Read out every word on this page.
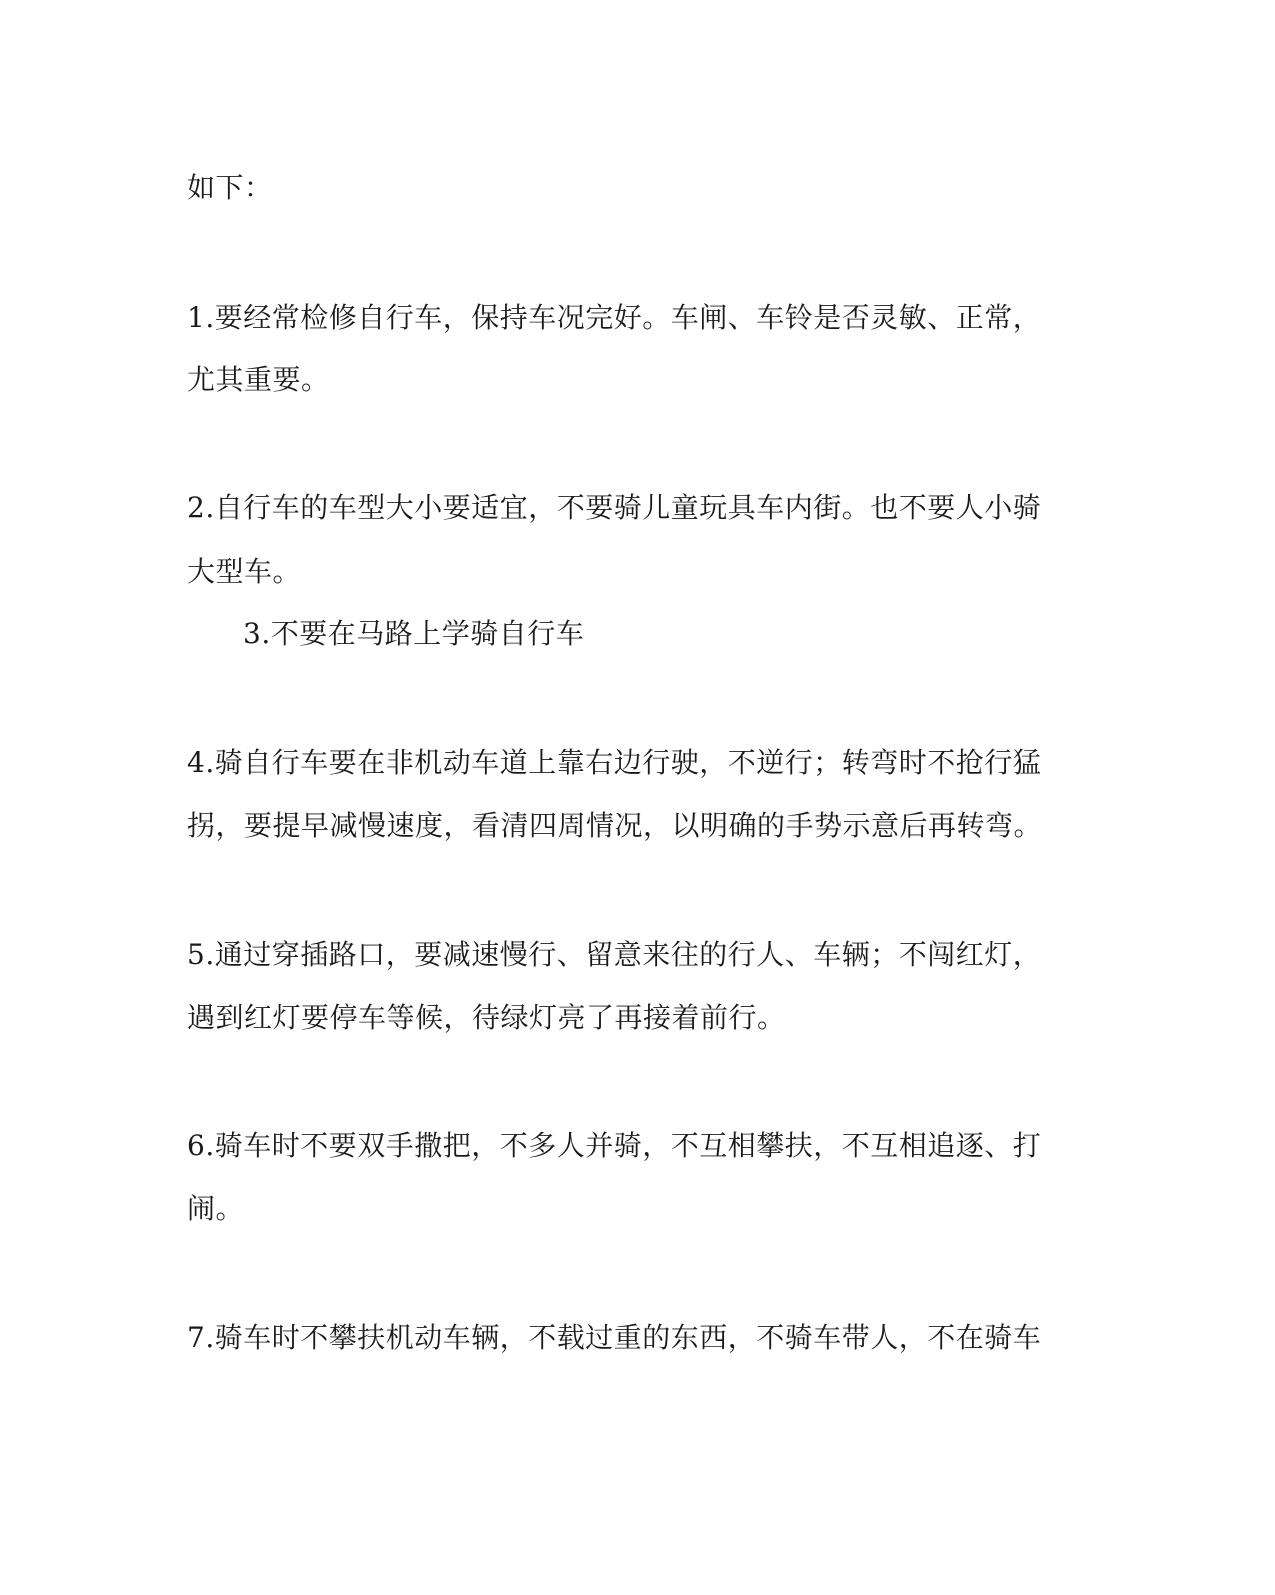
如下：
1.要经常检修自行车，保持车况完好。车闸、车铃是否灵敏、正常，
尤其重要。
2.自行车的车型大小要适宜，不要骑儿童玩具车内街。也不要人小骑
大型车。
3.不要在马路上学骑自行车
4.骑自行车要在非机动车道上靠右边行驶，不逆行；转弯时不抢行猛
拐，要提早减慢速度，看清四周情况，以明确的手势示意后再转弯。
5.通过穿插路口，要减速慢行、留意来往的行人、车辆；不闯红灯，
遇到红灯要停车等候，待绿灯亮了再接着前行。
6.骑车时不要双手撒把，不多人并骑，不互相攀扶，不互相追逐、打
闹。
7.骑车时不攀扶机动车辆，不载过重的东西，不骑车带人，不在骑车
